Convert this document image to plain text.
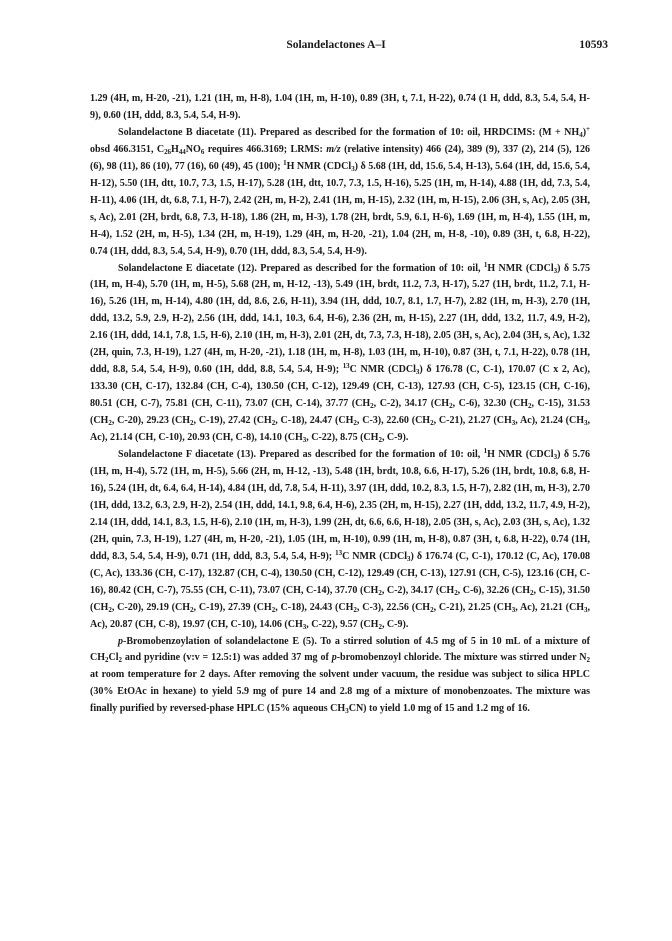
Solandelactones A–I	10593

1.29 (4H, m, H-20, -21), 1.21 (1H, m, H-8), 1.04 (1H, m, H-10), 0.89 (3H, t, 7.1, H-22), 0.74 (1 H, ddd, 8.3, 5.4, 5.4, H-9), 0.60 (1H, ddd, 8.3, 5.4, 5.4, H-9).

Solandelactone B diacetate (11). Prepared as described for the formation of 10: oil, HRDCIMS: $(M + NH_4)^+$ obsd 466.3151, $C_{26}H_{44}NO_6$ requires 466.3169; LRMS: m/z (relative intensity) 466 (24), 389 (9), 337 (2), 214 (5), 126 (6), 98 (11), 86 (10), 77 (16), 60 (49), 45 (100); $^1$H NMR (CDCl$_3$) δ 5.68 (1H, dd, 15.6, 5.4, H-13), 5.64 (1H, dd, 15.6, 5.4, H-12), 5.50 (1H, dtt, 10.7, 7.3, 1.5, H-17), 5.28 (1H, dtt, 10.7, 7.3, 1.5, H-16), 5.25 (1H, m, H-14), 4.88 (1H, dd, 7.3, 5.4, H-11), 4.06 (1H, dt, 6.8, 7.1, H-7), 2.42 (2H, m, H-2), 2.41 (1H, m, H-15), 2.32 (1H, m, H-15), 2.06 (3H, s, Ac), 2.05 (3H, s, Ac), 2.01 (2H, brdt, 6.8, 7.3, H-18), 1.86 (2H, m, H-3), 1.78 (2H, brdt, 5.9, 6.1, H-6), 1.69 (1H, m, H-4), 1.55 (1H, m, H-4), 1.52 (2H, m, H-5), 1.34 (2H, m, H-19), 1.29 (4H, m, H-20, -21), 1.04 (2H, m, H-8, -10), 0.89 (3H, t, 6.8, H-22), 0.74 (1H, ddd, 8.3, 5.4, 5.4, H-9), 0.70 (1H, ddd, 8.3, 5.4, 5.4, H-9).

Solandelactone E diacetate (12). Prepared as described for the formation of 10: oil, $^1$H NMR (CDCl$_3$) δ 5.75 (1H, m, H-4), 5.70 (1H, m, H-5), 5.68 (2H, m, H-12, -13), 5.49 (1H, brdt, 11.2, 7.3, H-17), 5.27 (1H, brdt, 11.2, 7.1, H-16), 5.26 (1H, m, H-14), 4.80 (1H, dd, 8.6, 2.6, H-11), 3.94 (1H, ddd, 10.7, 8.1, 1.7, H-7), 2.82 (1H, m, H-3), 2.70 (1H, ddd, 13.2, 5.9, 2.9, H-2), 2.56 (1H, ddd, 14.1, 10.3, 6.4, H-6), 2.36 (2H, m, H-15), 2.27 (1H, ddd, 13.2, 11.7, 4.9, H-2), 2.16 (1H, ddd, 14.1, 7.8, 1.5, H-6), 2.10 (1H, m, H-3), 2.01 (2H, dt, 7.3, 7.3, H-18), 2.05 (3H, s, Ac), 2.04 (3H, s, Ac), 1.32 (2H, quin, 7.3, H-19), 1.27 (4H, m, H-20, -21), 1.18 (1H, m, H-8), 1.03 (1H, m, H-10), 0.87 (3H, t, 7.1, H-22), 0.78 (1H, ddd, 8.8, 5.4, 5.4, H-9), 0.60 (1H, ddd, 8.8, 5.4, 5.4, H-9); $^{13}$C NMR (CDCl$_3$) δ 176.78 (C, C-1), 170.07 (C x 2, Ac), 133.30 (CH, C-17), 132.84 (CH, C-4), 130.50 (CH, C-12), 129.49 (CH, C-13), 127.93 (CH, C-5), 123.15 (CH, C-16), 80.51 (CH, C-7), 75.81 (CH, C-11), 73.07 (CH, C-14), 37.77 ($CH_2$, C-2), 34.17 ($CH_2$, C-6), 32.30 ($CH_2$, C-15), 31.53 ($CH_2$, C-20), 29.23 ($CH_2$, C-19), 27.42 ($CH_2$, C-18), 24.47 ($CH_2$, C-3), 22.60 ($CH_2$, C-21), 21.27 ($CH_3$, Ac), 21.24 ($CH_3$, Ac), 21.14 (CH, C-10), 20.93 (CH, C-8), 14.10 ($CH_3$, C-22), 8.75 ($CH_2$, C-9).

Solandelactone F diacetate (13). Prepared as described for the formation of 10: oil, $^1$H NMR (CDCl$_3$) δ 5.76 (1H, m, H-4), 5.72 (1H, m, H-5), 5.66 (2H, m, H-12, -13), 5.48 (1H, brdt, 10.8, 6.6, H-17), 5.26 (1H, brdt, 10.8, 6.8, H-16), 5.24 (1H, dt, 6.4, 6.4, H-14), 4.84 (1H, dd, 7.8, 5.4, H-11), 3.97 (1H, ddd, 10.2, 8.3, 1.5, H-7), 2.82 (1H, m, H-3), 2.70 (1H, ddd, 13.2, 6.3, 2.9, H-2), 2.54 (1H, ddd, 14.1, 9.8, 6.4, H-6), 2.35 (2H, m, H-15), 2.27 (1H, ddd, 13.2, 11.7, 4.9, H-2), 2.14 (1H, ddd, 14.1, 8.3, 1.5, H-6), 2.10 (1H, m, H-3), 1.99 (2H, dt, 6.6, 6.6, H-18), 2.05 (3H, s, Ac), 2.03 (3H, s, Ac), 1.32 (2H, quin, 7.3, H-19), 1.27 (4H, m, H-20, -21), 1.05 (1H, m, H-10), 0.99 (1H, m, H-8), 0.87 (3H, t, 6.8, H-22), 0.74 (1H, ddd, 8.3, 5.4, 5.4, H-9), 0.71 (1H, ddd, 8.3, 5.4, 5.4, H-9); $^{13}$C NMR (CDCl$_3$) δ 176.74 (C, C-1), 170.12 (C, Ac), 170.08 (C, Ac), 133.36 (CH, C-17), 132.87 (CH, C-4), 130.50 (CH, C-12), 129.49 (CH, C-13), 127.91 (CH, C-5), 123.16 (CH, C-16), 80.42 (CH, C-7), 75.55 (CH, C-11), 73.07 (CH, C-14), 37.70 ($CH_2$, C-2), 34.17 ($CH_2$, C-6), 32.26 ($CH_2$, C-15), 31.50 ($CH_2$, C-20), 29.19 ($CH_2$, C-19), 27.39 ($CH_2$, C-18), 24.43 ($CH_2$, C-3), 22.56 ($CH_2$, C-21), 21.25 ($CH_3$, Ac), 21.21 ($CH_3$, Ac), 20.87 (CH, C-8), 19.97 (CH, C-10), 14.06 ($CH_3$, C-22), 9.57 ($CH_2$, C-9).

p-Bromobenzoylation of solandelactone E (5). To a stirred solution of 4.5 mg of 5 in 10 mL of a mixture of $CH_2Cl_2$ and pyridine (v:v = 12.5:1) was added 37 mg of p-bromobenzoyl chloride. The mixture was stirred under $N_2$ at room temperature for 2 days. After removing the solvent under vacuum, the residue was subject to silica HPLC (30% EtOAc in hexane) to yield 5.9 mg of pure 14 and 2.8 mg of a mixture of monobenzoates. The mixture was finally purified by reversed-phase HPLC (15% aqueous $CH_3CN$) to yield 1.0 mg of 15 and 1.2 mg of 16.
